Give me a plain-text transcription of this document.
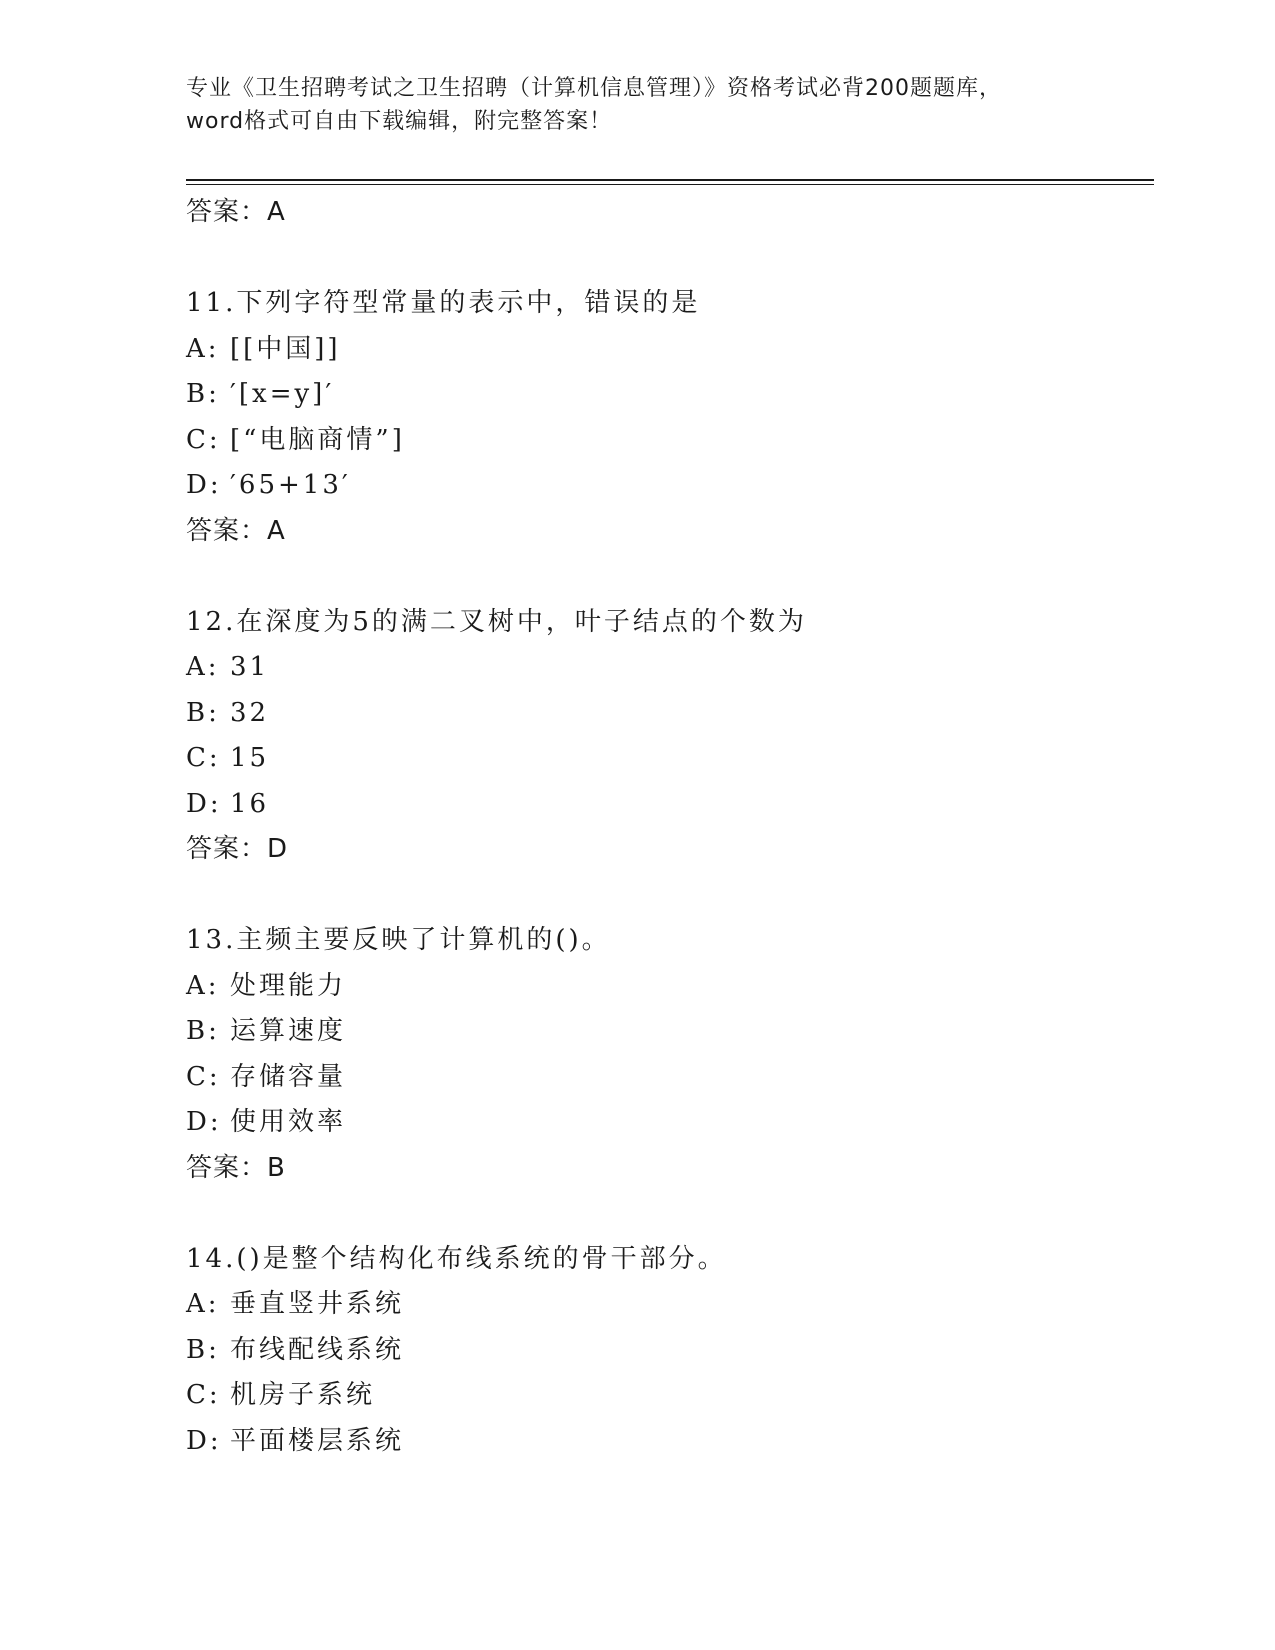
专业《卫生招聘考试之卫生招聘（计算机信息管理）》资格考试必背200题题库，
word格式可自由下载编辑，附完整答案！
答案：A
11.下列字符型常量的表示中，错误的是
A: [[中国]]
B: ′[x=y]′
C: [“电脑商情”]
D: ′65+13′
答案：A
12.在深度为5的满二叉树中，叶子结点的个数为
A: 31
B: 32
C: 15
D: 16
答案：D
13.主频主要反映了计算机的()。
A: 处理能力
B: 运算速度
C: 存储容量
D: 使用效率
答案：B
14.()是整个结构化布线系统的骨干部分。
A: 垂直竖井系统
B: 布线配线系统
C: 机房子系统
D: 平面楼层系统
